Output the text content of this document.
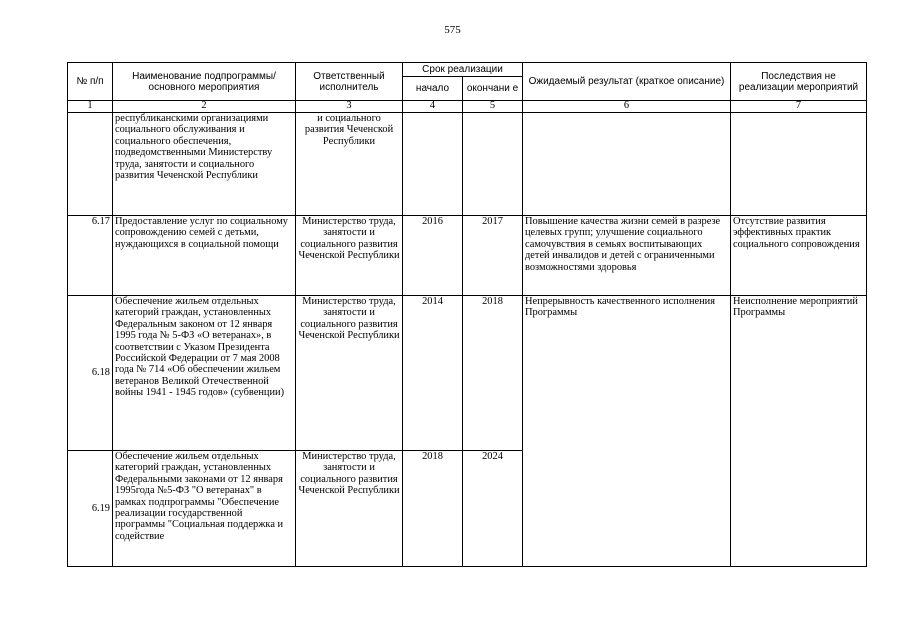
575
№ п/п	Наименование подпрограммы/ основного мероприятия	Ответственный исполнитель	Срок реализации		Ожидаемый результат (краткое описание)	Последствия не реализации мероприятий
			начало	окончани е		
1	2	3	4	5	6	7
	республиканскими организациями социального обслуживания и социального обеспечения, подведомственными Министерству труда, занятости и социального развития Чеченской Республики	и социального развития Чеченской Республики				
6.17	Предоставление услуг по социальному сопровождению семей с детьми, нуждающихся в социальной помощи	Министерство труда, занятости и социального развития Чеченской Республики	2016	2017	Повышение качества жизни семей в разрезе целевых групп; улучшение социального самочувствия в семьях воспитывающих детей инвалидов и детей с ограниченными возможностями здоровья	Отсутствие развития эффективных практик социального сопровождения
6.18	Обеспечение жильем отдельных категорий граждан, установленных Федеральным законом от 12 января 1995 года № 5-ФЗ «О ветеранах», в соответствии с Указом Президента Российской Федерации от 7 мая 2008 года № 714 «Об обеспечении жильем ветеранов Великой Отечественной войны 1941 - 1945 годов» (субвенции)	Министерство труда, занятости и социального развития Чеченской Республики	2014	2018	Непрерывность качественного исполнения Программы	Неисполнение мероприятий Программы
6.19	Обеспечение жильем отдельных категорий граждан, установленных Федеральными законами от 12 января 1995года №5-ФЗ "О ветеранах" в рамках подпрограммы "Обеспечение реализации государственной программы "Социальная поддержка и содействие	Министерство труда, занятости и социального развития Чеченской Республики	2018	2024		
